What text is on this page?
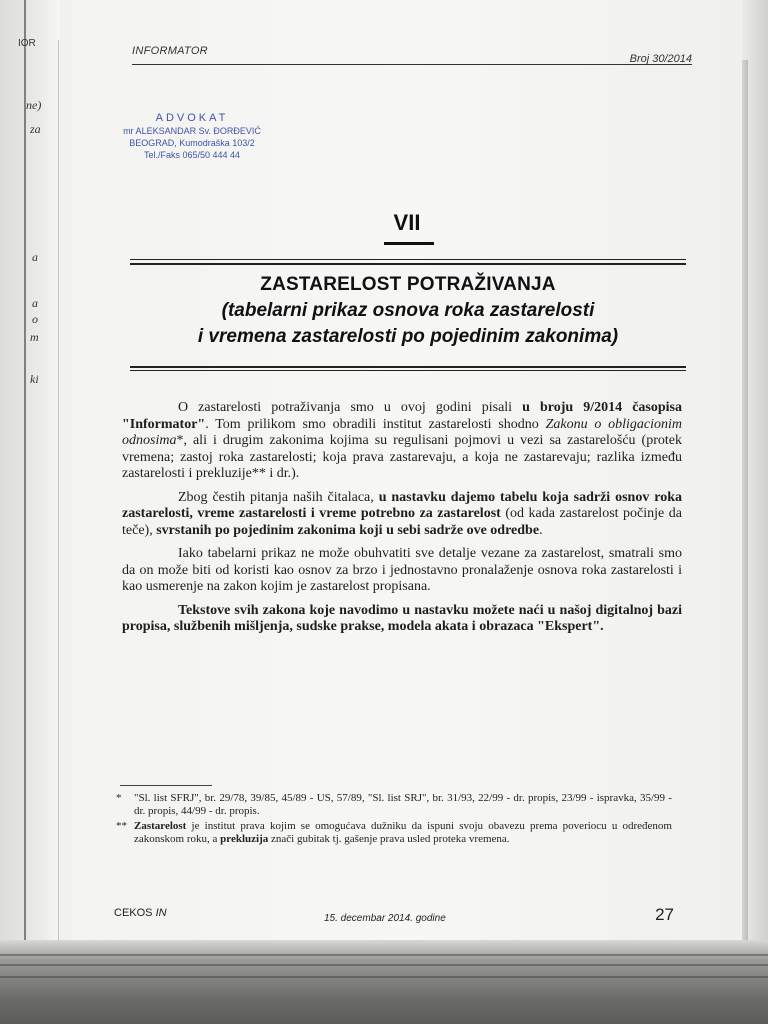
IOR
ne)
za
a
a
o
m
ki
INFORMATOR
Broj 30/2014
ADVOKAT
mr ALEKSANDAR Sv. ĐORĐEVIĆ
BEOGRAD, Kumodraška 103/2
Tel./Faks 065/50 444 44
VII
ZASTARELOST POTRAŽIVANJA
(tabelarni prikaz osnova roka zastarelosti
i vremena zastarelosti po pojedinim zakonima)

O zastarelosti potraživanja smo u ovoj godini pisali u broju 9/2014 časopisa "Informator". Tom prilikom smo obradili institut zastarelosti shodno Zakonu o obligacionim odnosima*, ali i drugim zakonima kojima su regulisani pojmovi u vezi sa zastarelošću (protek vremena; zastoj roka zastarelosti; koja prava zastarevaju, a koja ne zastarevaju; razlika između zastarelosti i prekluzije** i dr.).

Zbog čestih pitanja naših čitalaca, u nastavku dajemo tabelu koja sadrži osnov roka zastarelosti, vreme zastarelosti i vreme potrebno za zastarelost (od kada zastarelost počinje da teče), svrstanih po pojedinim zakonima koji u sebi sadrže ove odredbe.

Iako tabelarni prikaz ne može obuhvatiti sve detalje vezane za zastarelost, smatrali smo da on može biti od koristi kao osnov za brzo i jednostavno pronalaženje osnova roka zastarelosti i kao usmerenje na zakon kojim je zastarelost propisana.

Tekstove svih zakona koje navodimo u nastavku možete naći u našoj digitalnoj bazi propisa, službenih mišljenja, sudske prakse, modela akata i obrazaca "Ekspert".

* "Sl. list SFRJ", br. 29/78, 39/85, 45/89 - US, 57/89, "Sl. list SRJ", br. 31/93, 22/99 - dr. propis, 23/99 - ispravka, 35/99 - dr. propis, 44/99 - dr. propis.
** Zastarelost je institut prava kojim se omogućava dužniku da ispuni svoju obavezu prema poveriocu u određenom zakonskom roku, a prekluzija znači gubitak tj. gašenje prava usled proteka vremena.
CEKOS IN	15. decembar 2014. godine	27
